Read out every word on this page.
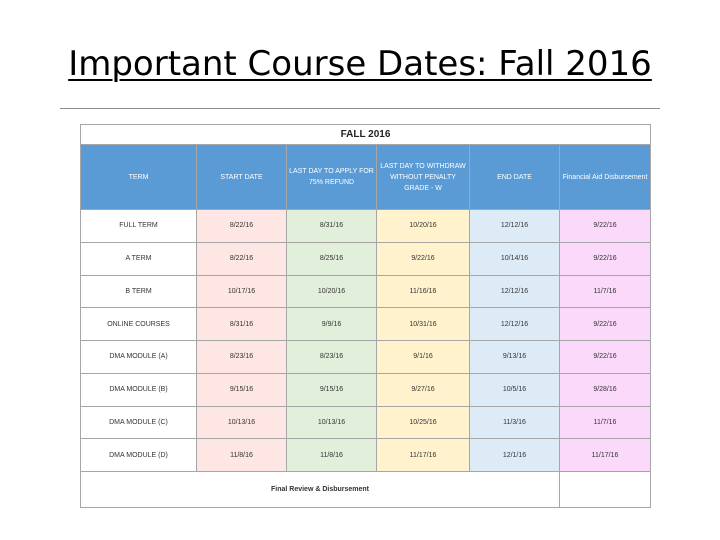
Important Course Dates: Fall 2016
FALL 2016					
TERM	START DATE	LAST DAY TO APPLY FOR 75% REFUND	LAST DAY TO WITHDRAW WITHOUT PENALTY GRADE - W	END DATE	Financial Aid Disbursement
FULL TERM	8/22/16	8/31/16	10/20/16	12/12/16	9/22/16
A TERM	8/22/16	8/25/16	9/22/16	10/14/16	9/22/16
B TERM	10/17/16	10/20/16	11/16/16	12/12/16	11/7/16
ONLINE COURSES	8/31/16	9/9/16	10/31/16	12/12/16	9/22/16
DMA MODULE (A)	8/23/16	8/23/16	9/1/16	9/13/16	9/22/16
DMA MODULE (B)	9/15/16	9/15/16	9/27/16	10/5/16	9/28/16
DMA MODULE (C)	10/13/16	10/13/16	10/25/16	11/3/16	11/7/16
DMA MODULE (D)	11/8/16	11/8/16	11/17/16	12/1/16	11/17/16
Final Review & Disbursement					
